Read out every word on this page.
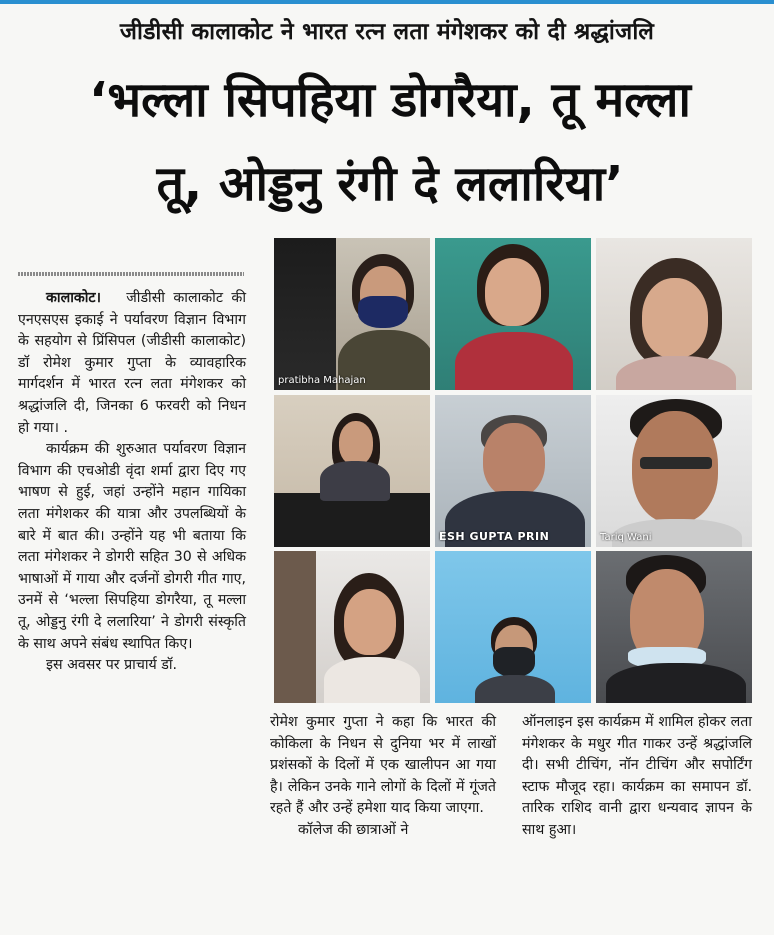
जीडीसी कालाकोट ने भारत रत्न लता मंगेशकर को दी श्रद्धांजलि
‘भल्ला सिपहिया डोगरैया, तू मल्ला
तू, ओड्डनु रंगी दे ललारिया’

कालाकोट। जीडीसी कालाकोट की एनएसएस इकाई ने पर्यावरण विज्ञान विभाग के सहयोग से प्रिंसिपल (जीडीसी कालाकोट) डॉ रोमेश कुमार गुप्ता के व्यावहारिक मार्गदर्शन में भारत रत्न लता मंगेशकर को श्रद्धांजलि दी, जिनका 6 फरवरी को निधन हो गया। .

कार्यक्रम की शुरुआत पर्यावरण विज्ञान विभाग की एचओडी वृंदा शर्मा द्वारा दिए गए भाषण से हुई, जहां उन्होंने महान गायिका लता मंगेशकर की यात्रा और उपलब्धियों के बारे में बात की। उन्होंने यह भी बताया कि लता मंगेशकर ने डोगरी सहित 30 से अधिक भाषाओं में गाया और दर्जनों डोगरी गीत गाए, उनमें से ‘भल्ला सिपहिया डोगरैया, तू मल्ला तू, ओड्डनु रंगी दे ललारिया’ ने डोगरी संस्कृति के साथ अपने संबंध स्थापित किए।

इस अवसर पर प्राचार्य डॉ.

pratibha Mahajan
ESH GUPTA PRIN	Tariq Wani

रोमेश कुमार गुप्ता ने कहा कि भारत की कोकिला के निधन से दुनिया भर में लाखों प्रशंसकों के दिलों में एक खालीपन आ गया है। लेकिन उनके गाने लोगों के दिलों में गूंजते रहते हैं और उन्हें हमेशा याद किया जाएगा.

कॉलेज की छात्राओं ने

ऑनलाइन इस कार्यक्रम में शामिल होकर लता मंगेशकर के मधुर गीत गाकर उन्हें श्रद्धांजलि दी। सभी टीचिंग, नॉन टीचिंग और सपोर्टिंग स्टाफ मौजूद रहा। कार्यक्रम का समापन डॉ. तारिक राशिद वानी द्वारा धन्यवाद ज्ञापन के साथ हुआ।
